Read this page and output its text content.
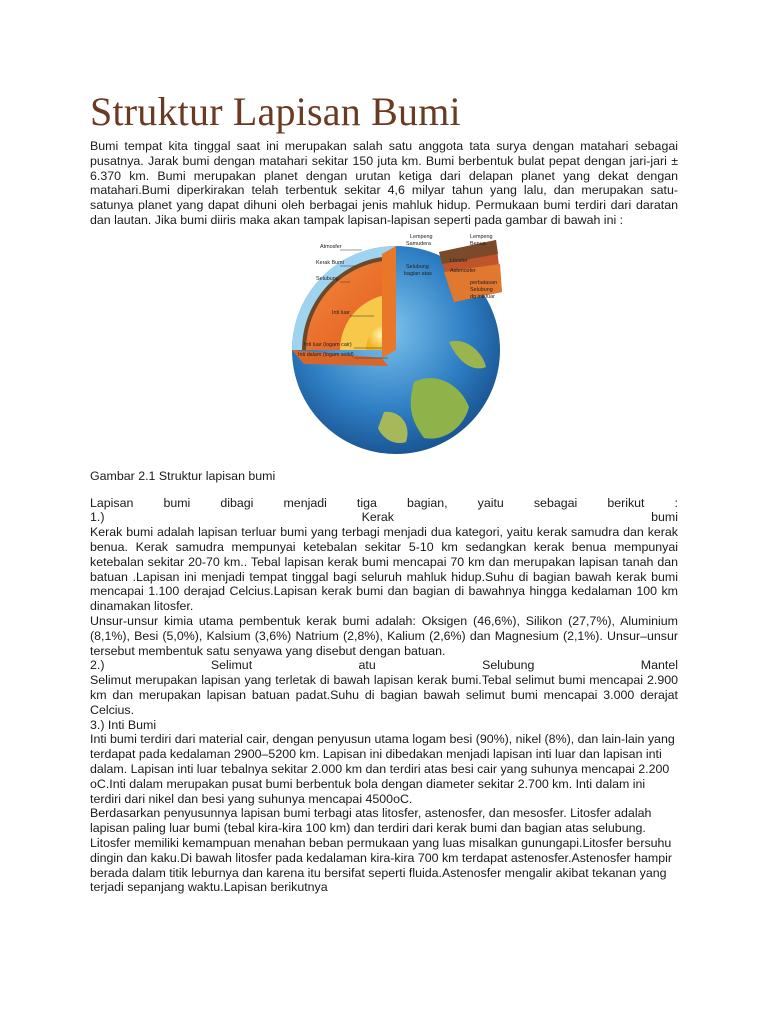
Struktur Lapisan Bumi

Bumi tempat kita tinggal saat ini merupakan salah satu anggota tata surya dengan matahari sebagai pusatnya. Jarak bumi dengan matahari sekitar 150 juta km. Bumi berbentuk bulat pepat dengan jari-jari ± 6.370 km. Bumi merupakan planet dengan urutan ketiga dari delapan planet yang dekat dengan matahari.Bumi diperkirakan telah terbentuk sekitar 4,6 milyar tahun yang lalu, dan merupakan satu-satunya planet yang dapat dihuni oleh berbagai jenis mahluk hidup. Permukaan bumi terdiri dari daratan dan lautan. Jika bumi diiris maka akan tampak lapisan-lapisan seperti pada gambar di bawah ini :

Atmosfer
Kerak Bumi
Selubung
Inti luar
Inti luar (logam cair)
Inti dalam (logam solid)
Lempeng
Samudera
Lempeng
Benua
Litosfer
Astenosfer
Selubung
bagian atas
perbatasan
Selubung
dg inti luar

Gambar 2.1 Struktur lapisan bumi

Lapisan bumi dibagi menjadi tiga bagian, yaitu sebagai berikut :

1.) Kerak bumi

Kerak bumi adalah lapisan terluar bumi yang terbagi menjadi dua kategori, yaitu kerak samudra dan kerak benua. Kerak samudra mempunyai ketebalan sekitar 5-10 km sedangkan kerak benua mempunyai ketebalan sekitar 20-70 km.. Tebal lapisan kerak bumi mencapai 70 km dan merupakan lapisan tanah dan batuan .Lapisan ini menjadi tempat tinggal bagi seluruh mahluk hidup.Suhu di bagian bawah kerak bumi mencapai 1.100 derajad Celcius.Lapisan kerak bumi dan bagian di bawahnya hingga kedalaman 100 km dinamakan litosfer.

Unsur-unsur kimia utama pembentuk kerak bumi adalah: Oksigen (46,6%), Silikon (27,7%), Aluminium (8,1%), Besi (5,0%), Kalsium (3,6%) Natrium (2,8%), Kalium (2,6%) dan Magnesium (2,1%). Unsur–unsur tersebut membentuk satu senyawa yang disebut dengan batuan.

2.) Selimut atu Selubung Mantel

Selimut merupakan lapisan yang terletak di bawah lapisan kerak bumi.Tebal selimut bumi mencapai 2.900 km dan merupakan lapisan batuan padat.Suhu di bagian bawah selimut bumi mencapai 3.000 derajat Celcius.

3.) Inti Bumi

Inti bumi terdiri dari material cair, dengan penyusun utama logam besi (90%), nikel (8%), dan lain-lain yang terdapat pada kedalaman 2900–5200 km. Lapisan ini dibedakan menjadi lapisan inti luar dan lapisan inti dalam. Lapisan inti luar tebalnya sekitar 2.000 km dan terdiri atas besi cair yang suhunya mencapai 2.200 oC.Inti dalam merupakan pusat bumi berbentuk bola dengan diameter sekitar 2.700 km. Inti dalam ini terdiri dari nikel dan besi yang suhunya mencapai 4500oC.

Berdasarkan penyusunnya lapisan bumi terbagi atas litosfer, astenosfer, dan mesosfer. Litosfer adalah lapisan paling luar bumi (tebal kira-kira 100 km) dan terdiri dari kerak bumi dan bagian atas selubung. Litosfer memiliki kemampuan menahan beban permukaan yang luas misalkan gunungapi.Litosfer bersuhu dingin dan kaku.Di bawah litosfer pada kedalaman kira-kira 700 km terdapat astenosfer.Astenosfer hampir berada dalam titik leburnya dan karena itu bersifat seperti fluida.Astenosfer mengalir akibat tekanan yang terjadi sepanjang waktu.Lapisan berikutnya
